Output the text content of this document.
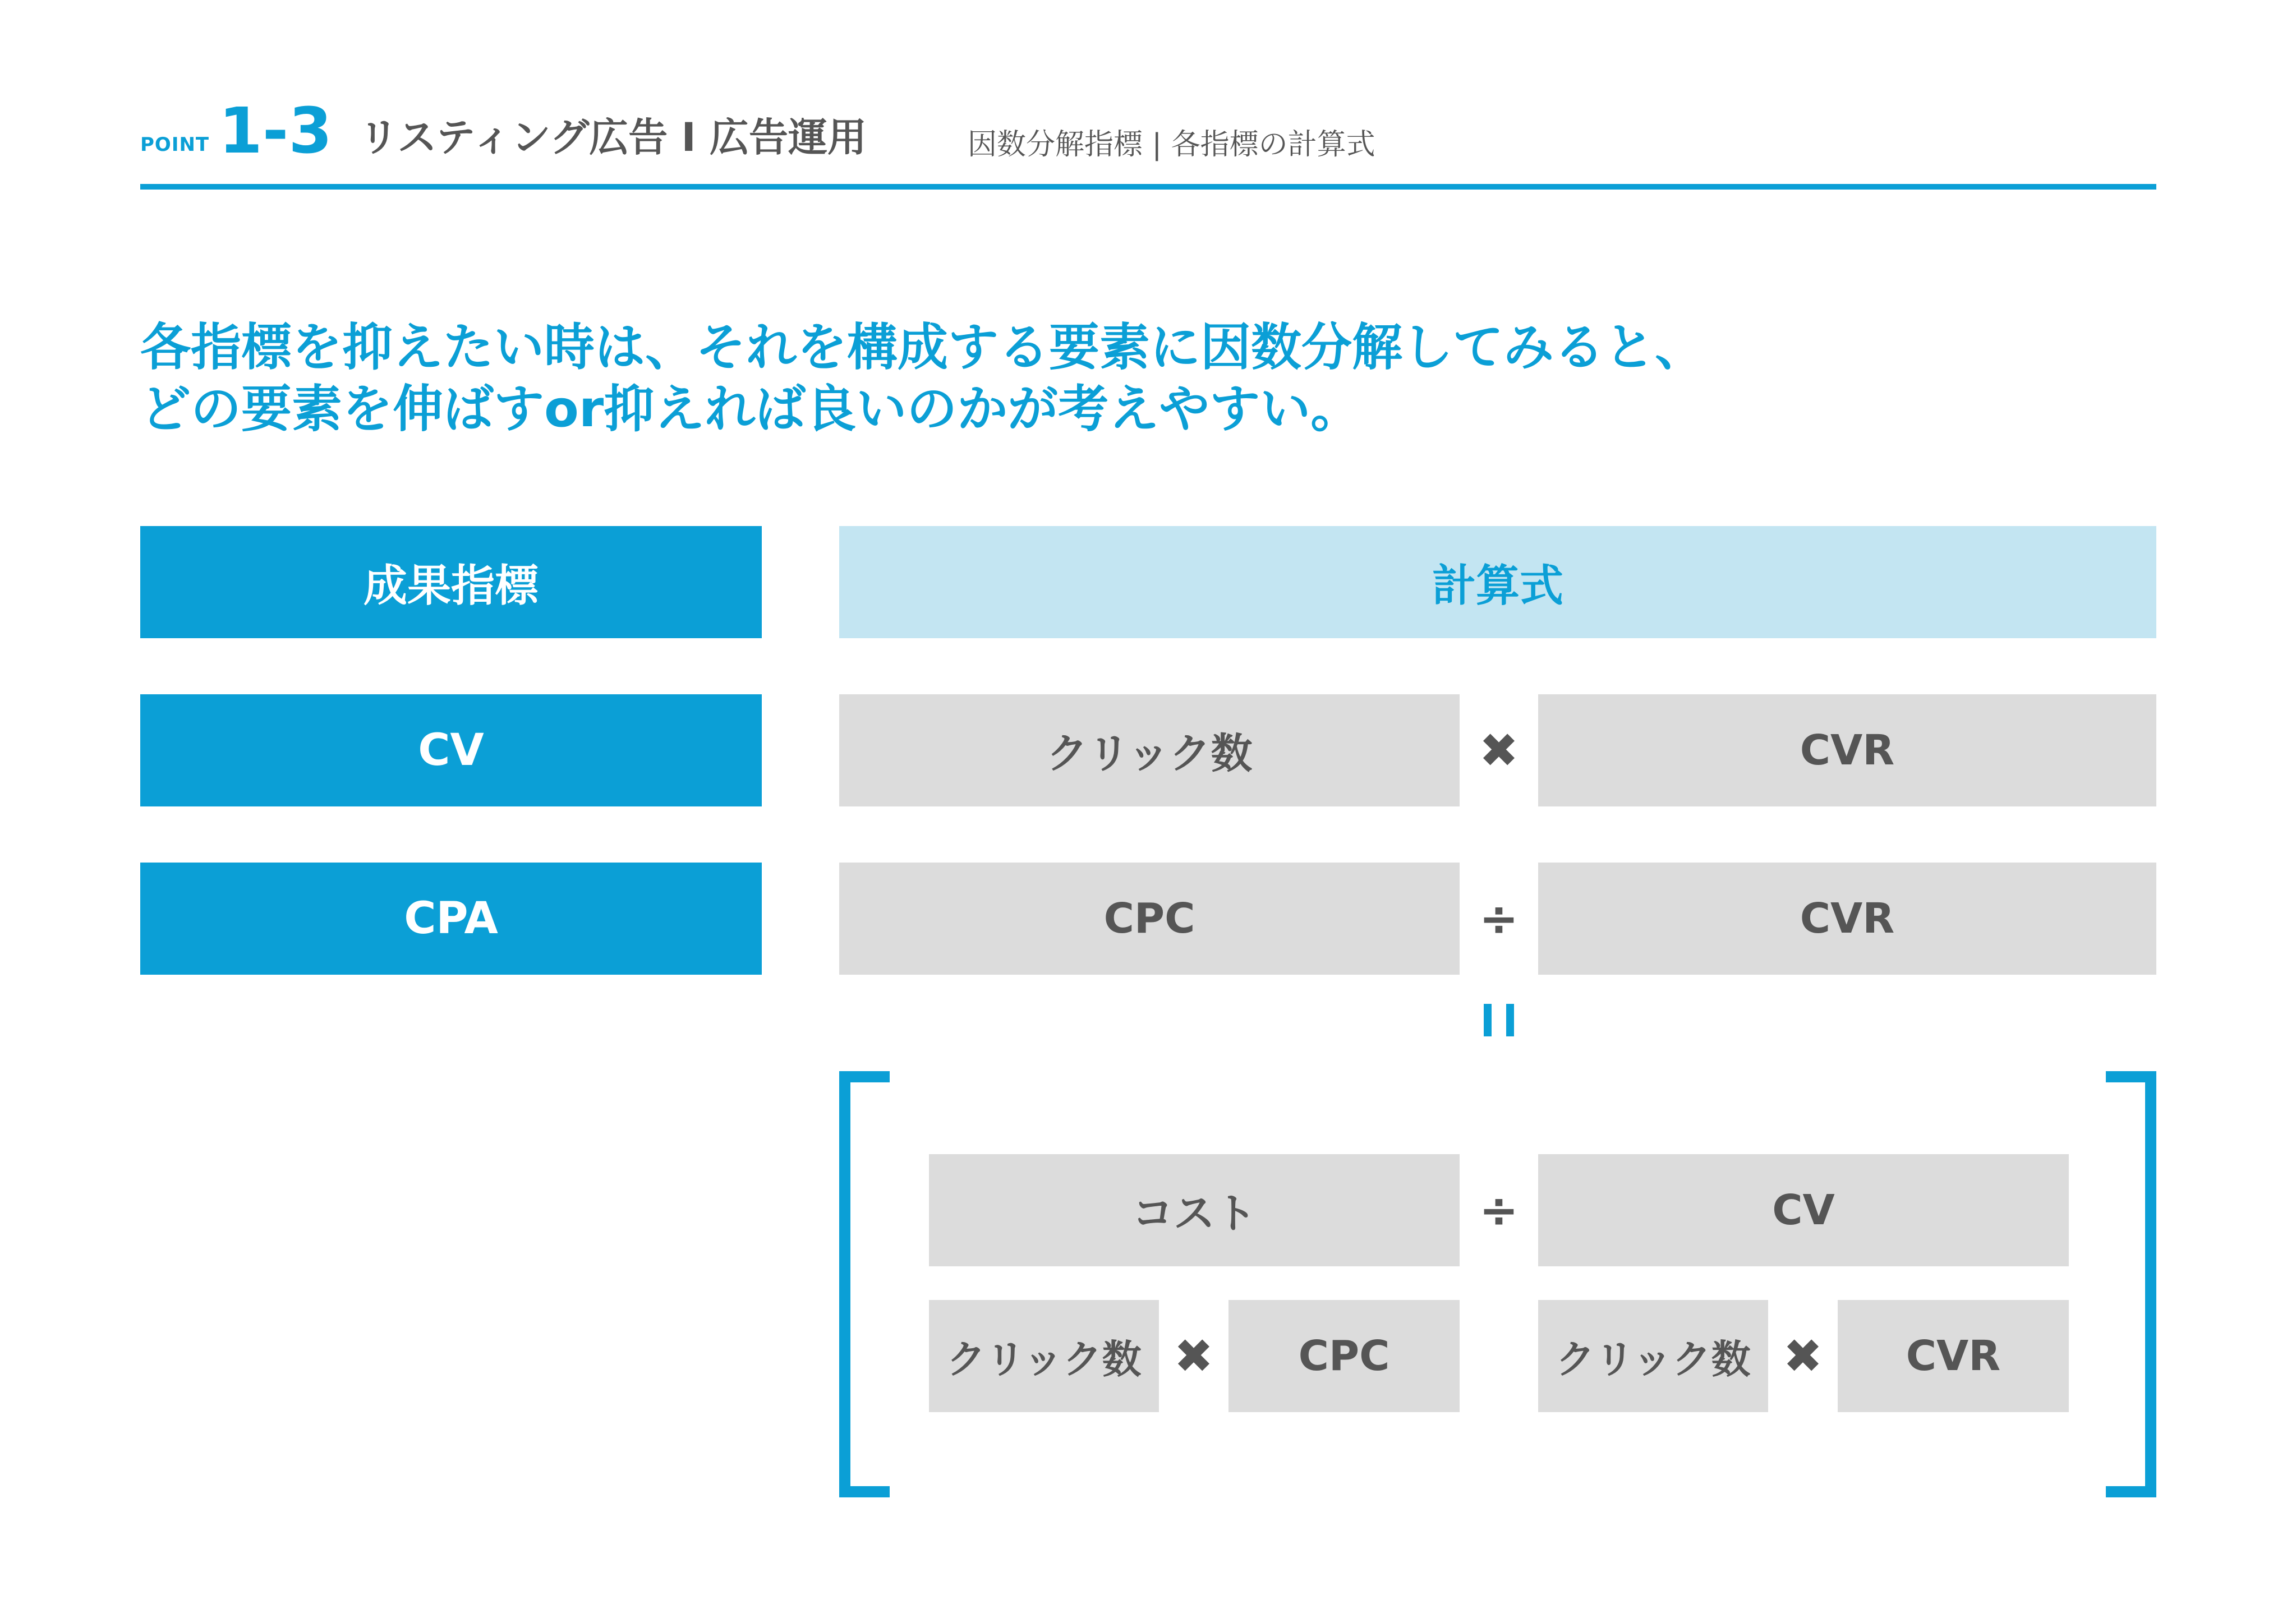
POINT 1-3 リスティング広告 I 広告運用	因数分解指標 | 各指標の計算式
各指標を抑えたい時は、それを構成する要素に因数分解してみると、
どの要素を伸ばすor抑えれば良いのかが考えやすい。
成果指標	計算式
CV	クリック数	✖	CVR
CPA	CPC	÷	CVR
コスト	÷	CV
クリック数 ✖	CPC	クリック数 ✖	CVR
